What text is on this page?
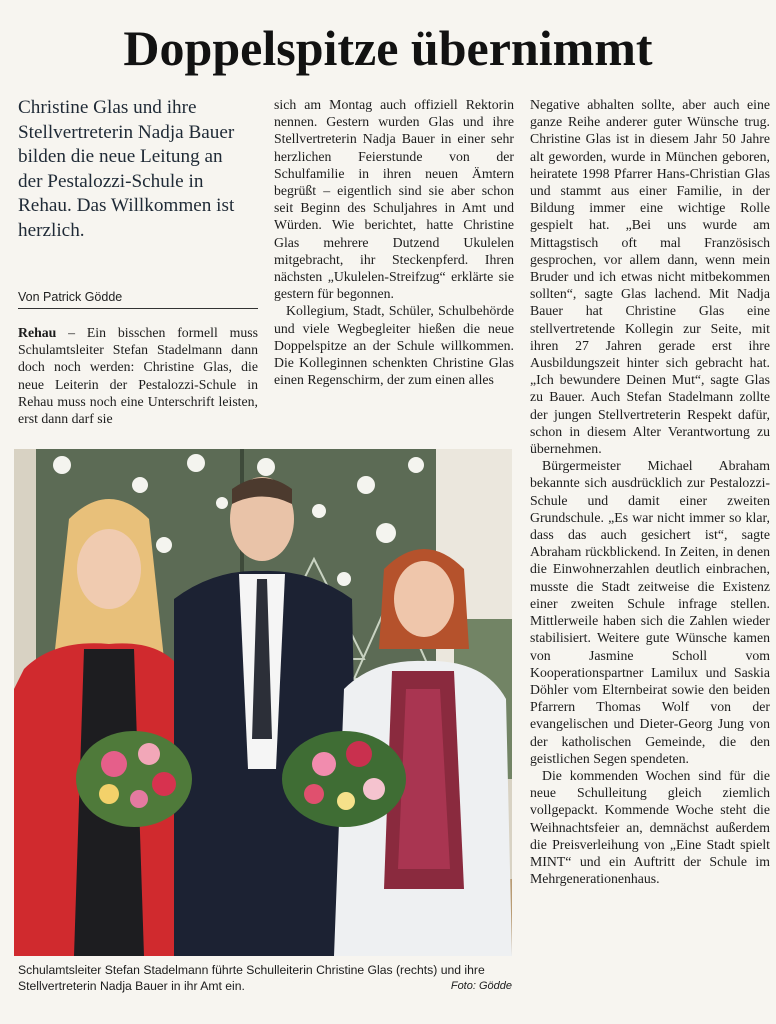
Doppelspitze übernimmt

Christine Glas und ihre Stellvertreterin Nadja Bauer bilden die neue Leitung an der Pestalozzi-Schule in Rehau. Das Willkommen ist herzlich.

Von Patrick Gödde

Rehau – Ein bisschen formell muss Schulamtsleiter Stefan Stadelmann dann doch noch werden: Christine Glas, die neue Leiterin der Pestalozzi-Schule in Rehau muss noch eine Unterschrift leisten, erst dann darf sie

sich am Montag auch offiziell Rektorin nennen. Gestern wurden Glas und ihre Stellvertreterin Nadja Bauer in einer sehr herzlichen Feierstunde von der Schulfamilie in ihren neuen Ämtern begrüßt – eigentlich sind sie aber schon seit Beginn des Schuljahres in Amt und Würden. Wie berichtet, hatte Christine Glas mehrere Dutzend Ukulelen mitgebracht, ihr Steckenpferd. Ihren nächsten „Ukulelen-Streifzug“ erklärte sie gestern für begonnen.

Kollegium, Stadt, Schüler, Schulbehörde und viele Wegbegleiter hießen die neue Doppelspitze an der Schule willkommen. Die Kolleginnen schenkten Christine Glas einen Regenschirm, der zum einen alles

Negative abhalten sollte, aber auch eine ganze Reihe anderer guter Wünsche trug. Christine Glas ist in diesem Jahr 50 Jahre alt geworden, wurde in München geboren, heiratete 1998 Pfarrer Hans-Christian Glas und stammt aus einer Familie, in der Bildung immer eine wichtige Rolle gespielt hat. „Bei uns wurde am Mittagstisch oft mal Französisch gesprochen, vor allem dann, wenn mein Bruder und ich etwas nicht mitbekommen sollten“, sagte Glas lachend. Mit Nadja Bauer hat Christine Glas eine stellvertretende Kollegin zur Seite, mit ihren 27 Jahren gerade erst ihre Ausbildungszeit hinter sich gebracht hat. „Ich bewundere Deinen Mut“, sagte Glas zu Bauer. Auch Stefan Stadelmann zollte der jungen Stellvertreterin Respekt dafür, schon in diesem Alter Verantwortung zu übernehmen.

Bürgermeister Michael Abraham bekannte sich ausdrücklich zur Pestalozzi-Schule und damit einer zweiten Grundschule. „Es war nicht immer so klar, dass das auch gesichert ist“, sagte Abraham rückblickend. In Zeiten, in denen die Einwohnerzahlen deutlich einbrachen, musste die Stadt zeitweise die Existenz einer zweiten Schule infrage stellen. Mittlerweile haben sich die Zahlen wieder stabilisiert. Weitere gute Wünsche kamen von Jasmine Scholl vom Kooperationspartner Lamilux und Saskia Döhler vom Elternbeirat sowie den beiden Pfarrern Thomas Wolf von der evangelischen und Dieter-Georg Jung von der katholischen Gemeinde, die den geistlichen Segen spendeten.

Die kommenden Wochen sind für die neue Schulleitung gleich ziemlich vollgepackt. Kommende Woche steht die Weihnachtsfeier an, demnächst außerdem die Preisverleihung von „Eine Stadt spielt MINT“ und ein Auftritt der Schule im Mehrgenerationenhaus.

Schulamtsleiter Stefan Stadelmann führte Schulleiterin Christine Glas (rechts) und ihre Stellvertreterin Nadja Bauer in ihr Amt ein.	Foto: Gödde
